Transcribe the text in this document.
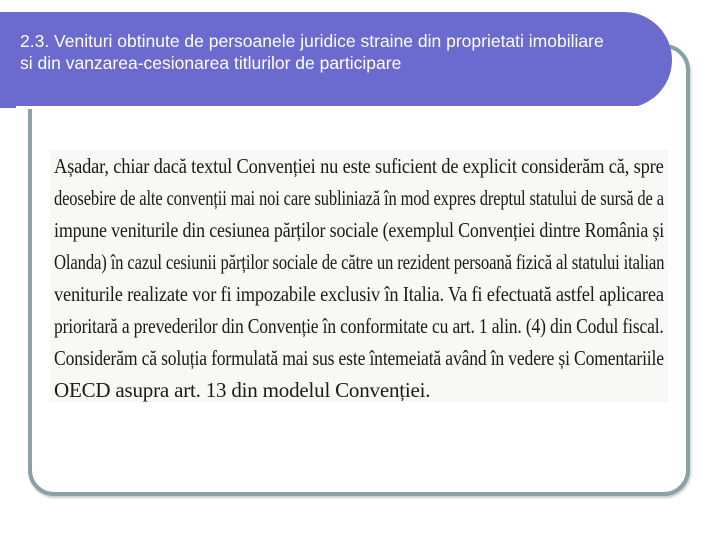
2.3. Venituri obtinute de persoanele juridice straine din proprietati imobiliare si din vanzarea-cesionarea titlurilor de participare
Așadar, chiar dacă textul Convenției nu este suficient de explicit considerăm că, spre
deosebire de alte convenții mai noi care subliniază în mod expres dreptul statului de sursă de a
impune veniturile din cesiunea părților sociale (exemplul Convenției dintre România și
Olanda) în cazul cesiunii părților sociale de către un rezident persoană fizică al statului italian
veniturile realizate vor fi impozabile exclusiv în Italia. Va fi efectuată astfel aplicarea
prioritară a prevederilor din Convenție în conformitate cu art. 1 alin. (4) din Codul fiscal.
Considerăm că soluția formulată mai sus este întemeiată având în vedere și Comentariile
OECD asupra art. 13 din modelul Convenției.
